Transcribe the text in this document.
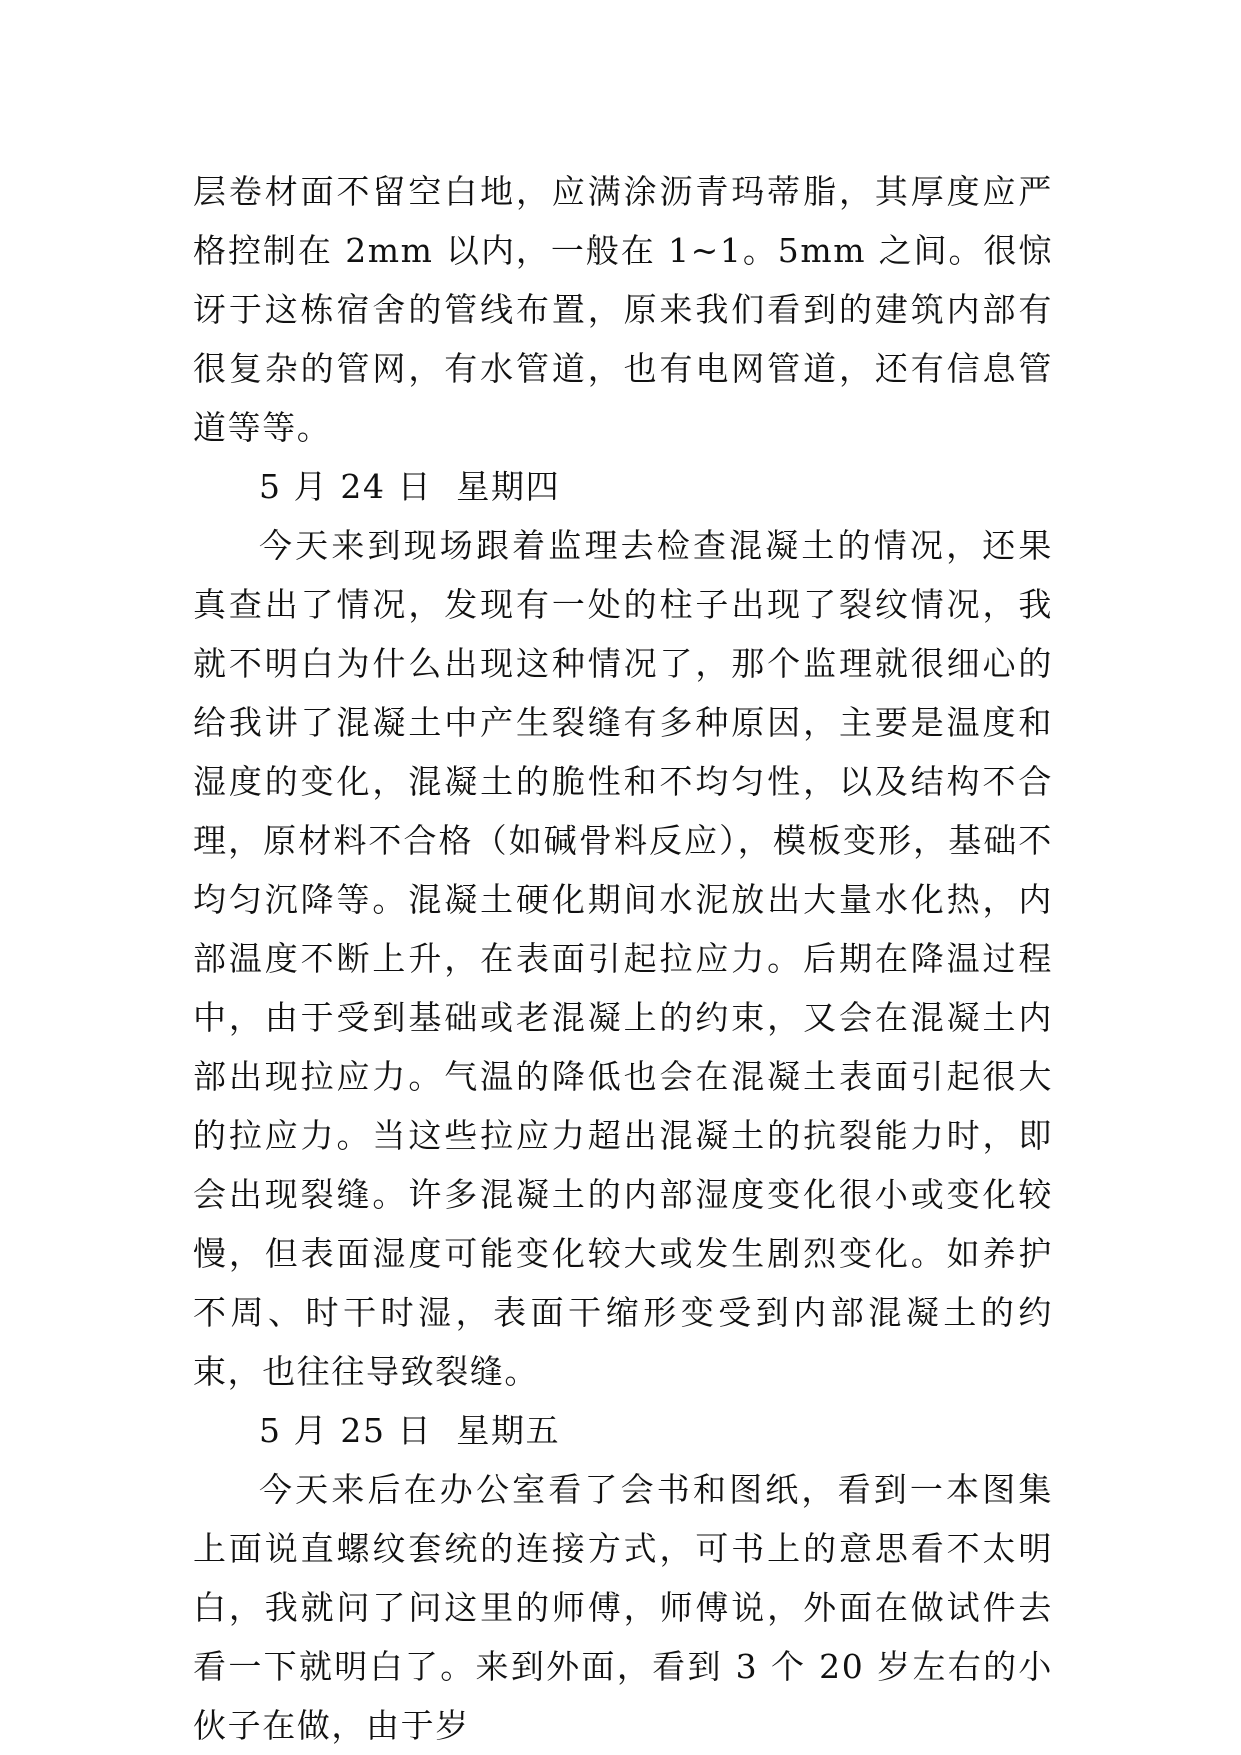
层卷材面不留空白地，应满涂沥青玛蒂脂，其厚度应严格控制在 2mm 以内，一般在 1~1。5mm 之间。很惊讶于这栋宿舍的管线布置，原来我们看到的建筑内部有很复杂的管网，有水管道，也有电网管道，还有信息管道等等。

5 月 24 日  星期四

今天来到现场跟着监理去检查混凝土的情况，还果真查出了情况，发现有一处的柱子出现了裂纹情况，我就不明白为什么出现这种情况了，那个监理就很细心的给我讲了混凝土中产生裂缝有多种原因，主要是温度和湿度的变化，混凝土的脆性和不均匀性，以及结构不合理，原材料不合格（如碱骨料反应），模板变形，基础不均匀沉降等。混凝土硬化期间水泥放出大量水化热，内部温度不断上升，在表面引起拉应力。后期在降温过程中，由于受到基础或老混凝上的约束，又会在混凝土内部出现拉应力。气温的降低也会在混凝土表面引起很大的拉应力。当这些拉应力超出混凝土的抗裂能力时，即会出现裂缝。许多混凝土的内部湿度变化很小或变化较慢，但表面湿度可能变化较大或发生剧烈变化。如养护不周、时干时湿，表面干缩形变受到内部混凝土的约束，也往往导致裂缝。

5 月 25 日  星期五

今天来后在办公室看了会书和图纸，看到一本图集上面说直螺纹套统的连接方式，可书上的意思看不太明白，我就问了问这里的师傅，师傅说，外面在做试件去看一下就明白了。来到外面，看到 3 个 20 岁左右的小伙子在做，由于岁
